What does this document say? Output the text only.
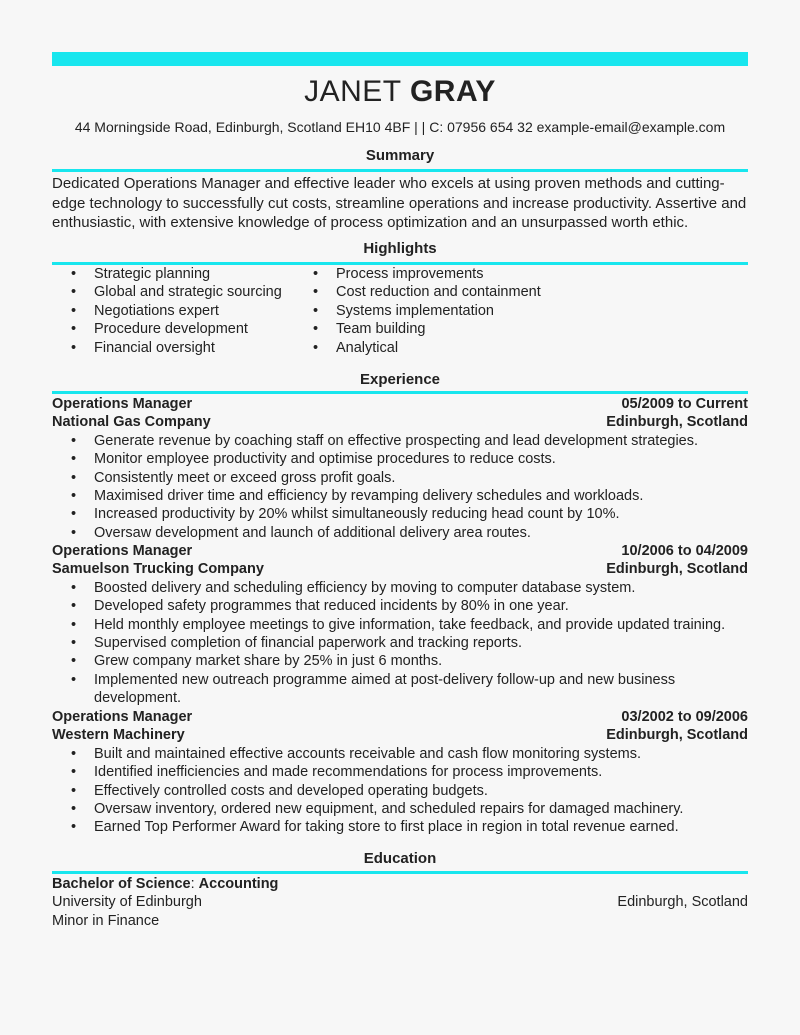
JANET GRAY
44 Morningside Road, Edinburgh, Scotland EH10 4BF | | C: 07956 654 32 example-email@example.com
Summary
Dedicated Operations Manager and effective leader who excels at using proven methods and cutting-edge technology to successfully cut costs, streamline operations and increase productivity. Assertive and enthusiastic, with extensive knowledge of process optimization and an unsurpassed worth ethic.
Highlights
• Strategic planning
• Global and strategic sourcing
• Negotiations expert
• Procedure development
• Financial oversight
• Process improvements
• Cost reduction and containment
• Systems implementation
• Team building
• Analytical
Experience
Operations Manager	05/2009 to Current
National Gas Company	Edinburgh, Scotland
• Generate revenue by coaching staff on effective prospecting and lead development strategies.
• Monitor employee productivity and optimise procedures to reduce costs.
• Consistently meet or exceed gross profit goals.
• Maximised driver time and efficiency by revamping delivery schedules and workloads.
• Increased productivity by 20% whilst simultaneously reducing head count by 10%.
• Oversaw development and launch of additional delivery area routes.
Operations Manager	10/2006 to 04/2009
Samuelson Trucking Company	Edinburgh, Scotland
• Boosted delivery and scheduling efficiency by moving to computer database system.
• Developed safety programmes that reduced incidents by 80% in one year.
• Held monthly employee meetings to give information, take feedback, and provide updated training.
• Supervised completion of financial paperwork and tracking reports.
• Grew company market share by 25% in just 6 months.
• Implemented new outreach programme aimed at post-delivery follow-up and new business development.
Operations Manager	03/2002 to 09/2006
Western Machinery	Edinburgh, Scotland
• Built and maintained effective accounts receivable and cash flow monitoring systems.
• Identified inefficiencies and made recommendations for process improvements.
• Effectively controlled costs and developed operating budgets.
• Oversaw inventory, ordered new equipment, and scheduled repairs for damaged machinery.
• Earned Top Performer Award for taking store to first place in region in total revenue earned.
Education
Bachelor of Science: Accounting
University of Edinburgh	Edinburgh, Scotland
Minor in Finance
